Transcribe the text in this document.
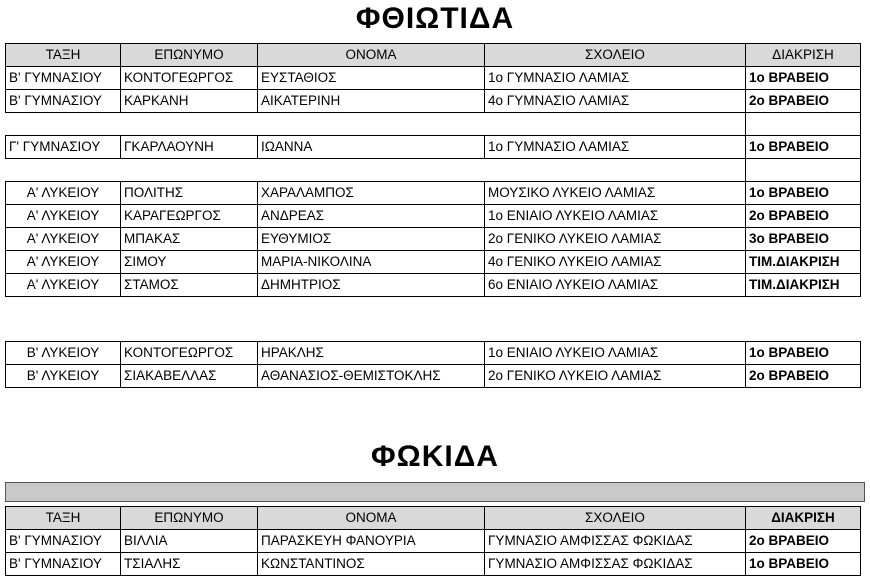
ΦΘΙΩΤΙΔΑ
ΤΑΞΗ	ΕΠΩΝΥΜΟ	ΟΝΟΜΑ	ΣΧΟΛΕΙΟ	ΔΙΑΚΡΙΣΗ
Β' ΓΥΜΝΑΣΙΟΥ	ΚΟΝΤΟΓΕΩΡΓΟΣ	ΕΥΣΤΑΘΙΟΣ	1ο ΓΥΜΝΑΣΙΟ ΛΑΜΙΑΣ	1ο ΒΡΑΒΕΙΟ
Β' ΓΥΜΝΑΣΙΟΥ	ΚΑΡΚΑΝΗ	ΑΙΚΑΤΕΡΙΝΗ	4ο ΓΥΜΝΑΣΙΟ ΛΑΜΙΑΣ	2ο ΒΡΑΒΕΙΟ

Γ' ΓΥΜΝΑΣΙΟΥ	ΓΚΑΡΛΑΟΥΝΗ	ΙΩΑΝΝΑ	1ο ΓΥΜΝΑΣΙΟ ΛΑΜΙΑΣ	1ο ΒΡΑΒΕΙΟ

Α' ΛΥΚΕΙΟΥ	ΠΟΛΙΤΗΣ	ΧΑΡΑΛΑΜΠΟΣ	ΜΟΥΣΙΚΟ ΛΥΚΕΙΟ ΛΑΜΙΑΣ	1ο ΒΡΑΒΕΙΟ
Α' ΛΥΚΕΙΟΥ	ΚΑΡΑΓΕΩΡΓΟΣ	ΑΝΔΡΕΑΣ	1ο ΕΝΙΑΙΟ ΛΥΚΕΙΟ ΛΑΜΙΑΣ	2ο ΒΡΑΒΕΙΟ
Α' ΛΥΚΕΙΟΥ	ΜΠΑΚΑΣ	ΕΥΘΥΜΙΟΣ	2ο ΓΕΝΙΚΟ ΛΥΚΕΙΟ ΛΑΜΙΑΣ	3ο ΒΡΑΒΕΙΟ
Α' ΛΥΚΕΙΟΥ	ΣΙΜΟΥ	ΜΑΡΙΑ-ΝΙΚΟΛΙΝΑ	4ο ΓΕΝΙΚΟ ΛΥΚΕΙΟ ΛΑΜΙΑΣ	ΤΙΜ.ΔΙΑΚΡΙΣΗ
Α' ΛΥΚΕΙΟΥ	ΣΤΑΜΟΣ	ΔΗΜΗΤΡΙΟΣ	6ο ΕΝΙΑΙΟ ΛΥΚΕΙΟ ΛΑΜΙΑΣ	ΤΙΜ.ΔΙΑΚΡΙΣΗ
Β' ΛΥΚΕΙΟΥ	ΚΟΝΤΟΓΕΩΡΓΟΣ	ΗΡΑΚΛΗΣ	1ο ΕΝΙΑΙΟ ΛΥΚΕΙΟ ΛΑΜΙΑΣ	1ο ΒΡΑΒΕΙΟ
Β' ΛΥΚΕΙΟΥ	ΣΙΑΚΑΒΕΛΛΑΣ	ΑΘΑΝΑΣΙΟΣ-ΘΕΜΙΣΤΟΚΛΗΣ	2ο ΓΕΝΙΚΟ ΛΥΚΕΙΟ ΛΑΜΙΑΣ	2ο ΒΡΑΒΕΙΟ
ΦΩΚΙΔΑ
ΤΑΞΗ	ΕΠΩΝΥΜΟ	ΟΝΟΜΑ	ΣΧΟΛΕΙΟ	ΔΙΑΚΡΙΣΗ
Β' ΓΥΜΝΑΣΙΟΥ	ΒΙΛΛΙΑ	ΠΑΡΑΣΚΕΥΗ ΦΑΝΟΥΡΙΑ	ΓΥΜΝΑΣΙΟ ΑΜΦΙΣΣΑΣ ΦΩΚΙΔΑΣ	2ο ΒΡΑΒΕΙΟ
Β' ΓΥΜΝΑΣΙΟΥ	ΤΣΙΑΛΗΣ	ΚΩΝΣΤΑΝΤΙΝΟΣ	ΓΥΜΝΑΣΙΟ ΑΜΦΙΣΣΑΣ ΦΩΚΙΔΑΣ	1ο ΒΡΑΒΕΙΟ
